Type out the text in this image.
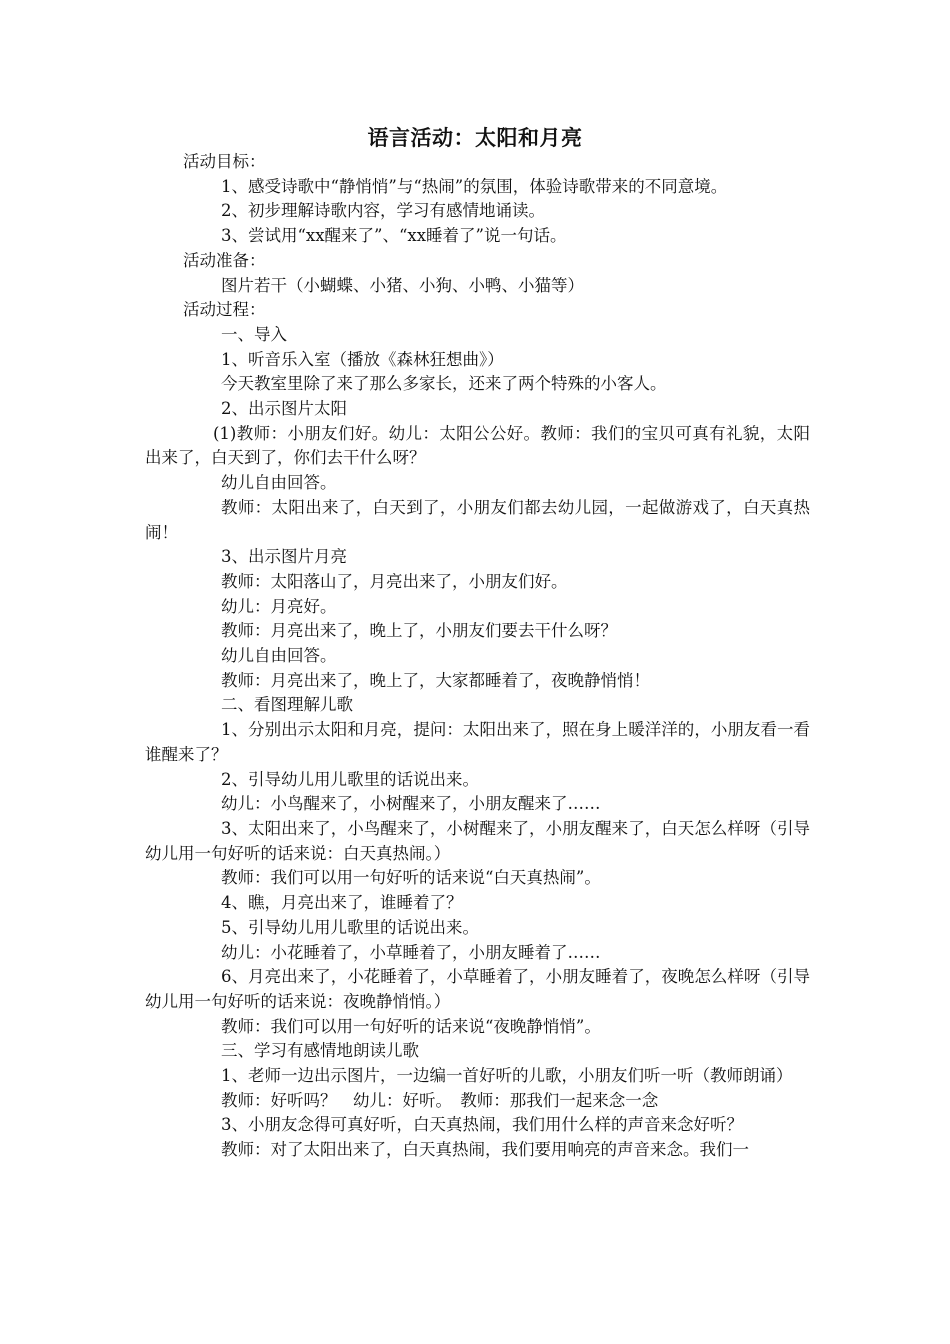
语言活动：太阳和月亮

活动目标：

1、感受诗歌中“静悄悄”与“热闹”的氛围，体验诗歌带来的不同意境。

2、初步理解诗歌内容，学习有感情地诵读。

3、尝试用“xx醒来了”、“xx睡着了”说一句话。

活动准备：

图片若干（小蝴蝶、小猪、小狗、小鸭、小猫等）

活动过程：

一、导入

1、听音乐入室（播放《森林狂想曲》）

今天教室里除了来了那么多家长，还来了两个特殊的小客人。

2、出示图片太阳

(1)教师：小朋友们好。幼儿：太阳公公好。教师：我们的宝贝可真有礼貌，太阳出来了，白天到了，你们去干什么呀？

幼儿自由回答。

教师：太阳出来了，白天到了，小朋友们都去幼儿园，一起做游戏了，白天真热闹！

3、出示图片月亮

教师：太阳落山了，月亮出来了，小朋友们好。

幼儿：月亮好。

教师：月亮出来了，晚上了，小朋友们要去干什么呀？

幼儿自由回答。

教师：月亮出来了，晚上了，大家都睡着了，夜晚静悄悄！

二、看图理解儿歌

1、分别出示太阳和月亮，提问：太阳出来了，照在身上暖洋洋的，小朋友看一看谁醒来了？

2、引导幼儿用儿歌里的话说出来。

幼儿：小鸟醒来了，小树醒来了，小朋友醒来了……

3、太阳出来了，小鸟醒来了，小树醒来了，小朋友醒来了，白天怎么样呀（引导幼儿用一句好听的话来说：白天真热闹。）

教师：我们可以用一句好听的话来说“白天真热闹”。

4、瞧，月亮出来了，谁睡着了？

5、引导幼儿用儿歌里的话说出来。

幼儿：小花睡着了，小草睡着了，小朋友睡着了……

6、月亮出来了，小花睡着了，小草睡着了，小朋友睡着了，夜晚怎么样呀（引导幼儿用一句好听的话来说：夜晚静悄悄。）

教师：我们可以用一句好听的话来说“夜晚静悄悄”。

三、学习有感情地朗读儿歌

1、老师一边出示图片，一边编一首好听的儿歌，小朋友们听一听（教师朗诵）

教师：好听吗？　幼儿：好听。　教师：那我们一起来念一念

3、小朋友念得可真好听，白天真热闹，我们用什么样的声音来念好听？

教师：对了太阳出来了，白天真热闹，我们要用响亮的声音来念。我们一
